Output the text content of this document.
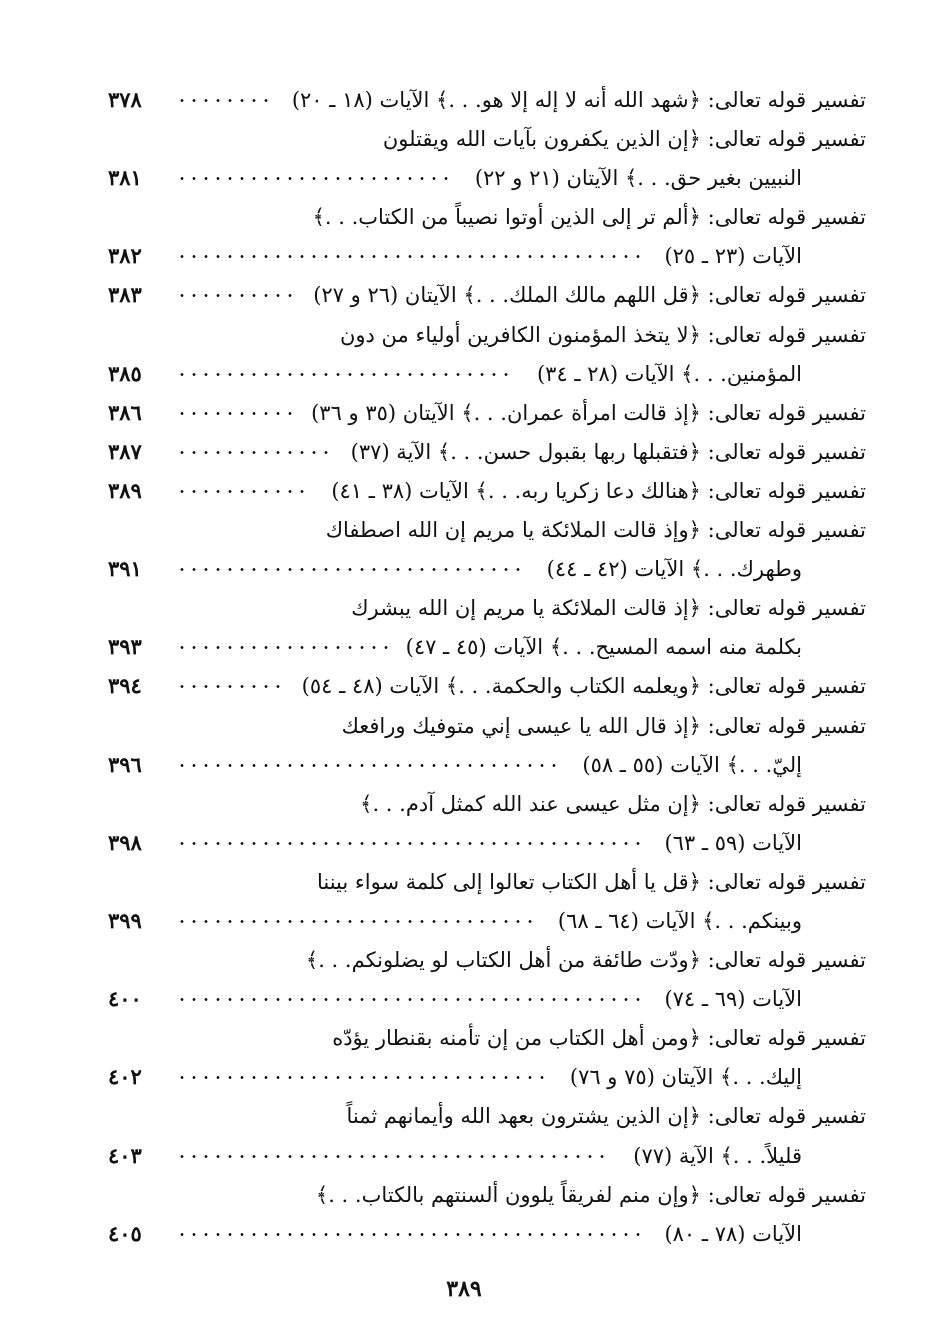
تفسير قوله تعالى: ﴿شهد الله أنه لا إله إلا هو. . .﴾ الآيات (١٨ ـ ٢٠)
٣٧٨
تفسير قوله تعالى: ﴿إن الذين يكفرون بآيات الله ويقتلون
النبيين بغير حق. . .﴾ الآيتان (٢١ و ٢٢)
٣٨١
تفسير قوله تعالى: ﴿ألم تر إلى الذين أوتوا نصيباً من الكتاب. . .﴾
الآيات (٢٣ ـ ٢٥)
٣٨٢
تفسير قوله تعالى: ﴿قل اللهم مالك الملك. . .﴾ الآيتان (٢٦ و ٢٧)
٣٨٣
تفسير قوله تعالى: ﴿لا يتخذ المؤمنون الكافرين أولياء من دون
المؤمنين. . .﴾ الآيات (٢٨ ـ ٣٤)
٣٨٥
تفسير قوله تعالى: ﴿إذ قالت امرأة عمران. . .﴾ الآيتان (٣٥ و ٣٦)
٣٨٦
تفسير قوله تعالى: ﴿فتقبلها ربها بقبول حسن. . .﴾ الآية (٣٧)
٣٨٧
تفسير قوله تعالى: ﴿هنالك دعا زكريا ربه. . .﴾ الآيات (٣٨ ـ ٤١)
٣٨٩
تفسير قوله تعالى: ﴿وإذ قالت الملائكة يا مريم إن الله اصطفاك
وطهرك. . .﴾ الآيات (٤٢ ـ ٤٤)
٣٩١
تفسير قوله تعالى: ﴿إذ قالت الملائكة يا مريم إن الله يبشرك
بكلمة منه اسمه المسيح. . .﴾ الآيات (٤٥ ـ ٤٧)
٣٩٣
تفسير قوله تعالى: ﴿ويعلمه الكتاب والحكمة. . .﴾ الآيات (٤٨ ـ ٥٤)
٣٩٤
تفسير قوله تعالى: ﴿إذ قال الله يا عيسى إني متوفيك ورافعك
إليّ. . .﴾ الآيات (٥٥ ـ ٥٨)
٣٩٦
تفسير قوله تعالى: ﴿إن مثل عيسى عند الله كمثل آدم. . .﴾
الآيات (٥٩ ـ ٦٣)
٣٩٨
تفسير قوله تعالى: ﴿قل يا أهل الكتاب تعالوا إلى كلمة سواء بيننا
وبينكم. . .﴾ الآيات (٦٤ ـ ٦٨)
٣٩٩
تفسير قوله تعالى: ﴿ودّت طائفة من أهل الكتاب لو يضلونكم. . .﴾
الآيات (٦٩ ـ ٧٤)
٤٠٠
تفسير قوله تعالى: ﴿ومن أهل الكتاب من إن تأمنه بقنطار يؤدّه
إليك. . .﴾ الآيتان (٧٥ و ٧٦)
٤٠٢
تفسير قوله تعالى: ﴿إن الذين يشترون بعهد الله وأيمانهم ثمناً
قليلاً. . .﴾ الآية (٧٧)
٤٠٣
تفسير قوله تعالى: ﴿وإن منم لفريقاً يلوون ألسنتهم بالكتاب. . .﴾
الآيات (٧٨ ـ ٨٠)
٤٠٥
٣٨٩
